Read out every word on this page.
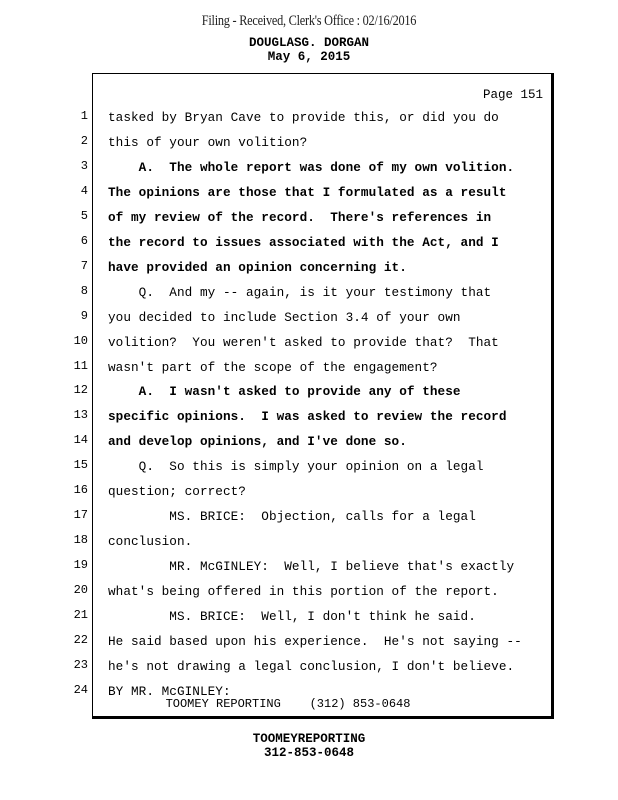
Filing - Received, Clerk's Office : 02/16/2016
DOUGLASG. DORGAN
May 6, 2015
Page 151
1 tasked by Bryan Cave to provide this, or did you do
2 this of your own volition?
3 A.  The whole report was done of my own volition.
4 The opinions are those that I formulated as a result
5 of my review of the record.  There's references in
6 the record to issues associated with the Act, and I
7 have provided an opinion concerning it.
8 Q.  And my -- again, is it your testimony that
9 you decided to include Section 3.4 of your own
10 volition?  You weren't asked to provide that?  That
11 wasn't part of the scope of the engagement?
12 A.  I wasn't asked to provide any of these
13 specific opinions.  I was asked to review the record
14 and develop opinions, and I've done so.
15 Q.  So this is simply your opinion on a legal
16 question; correct?
17 MS. BRICE:  Objection, calls for a legal
18 conclusion.
19 MR. McGINLEY:  Well, I believe that's exactly
20 what's being offered in this portion of the report.
21 MS. BRICE:  Well, I don't think he said.
22 He said based upon his experience.  He's not saying --
23 he's not drawing a legal conclusion, I don't believe.
24 BY MR. McGINLEY:
TOOMEY REPORTING    (312) 853-0648
TOOMEYREPORTING
312-853-0648
